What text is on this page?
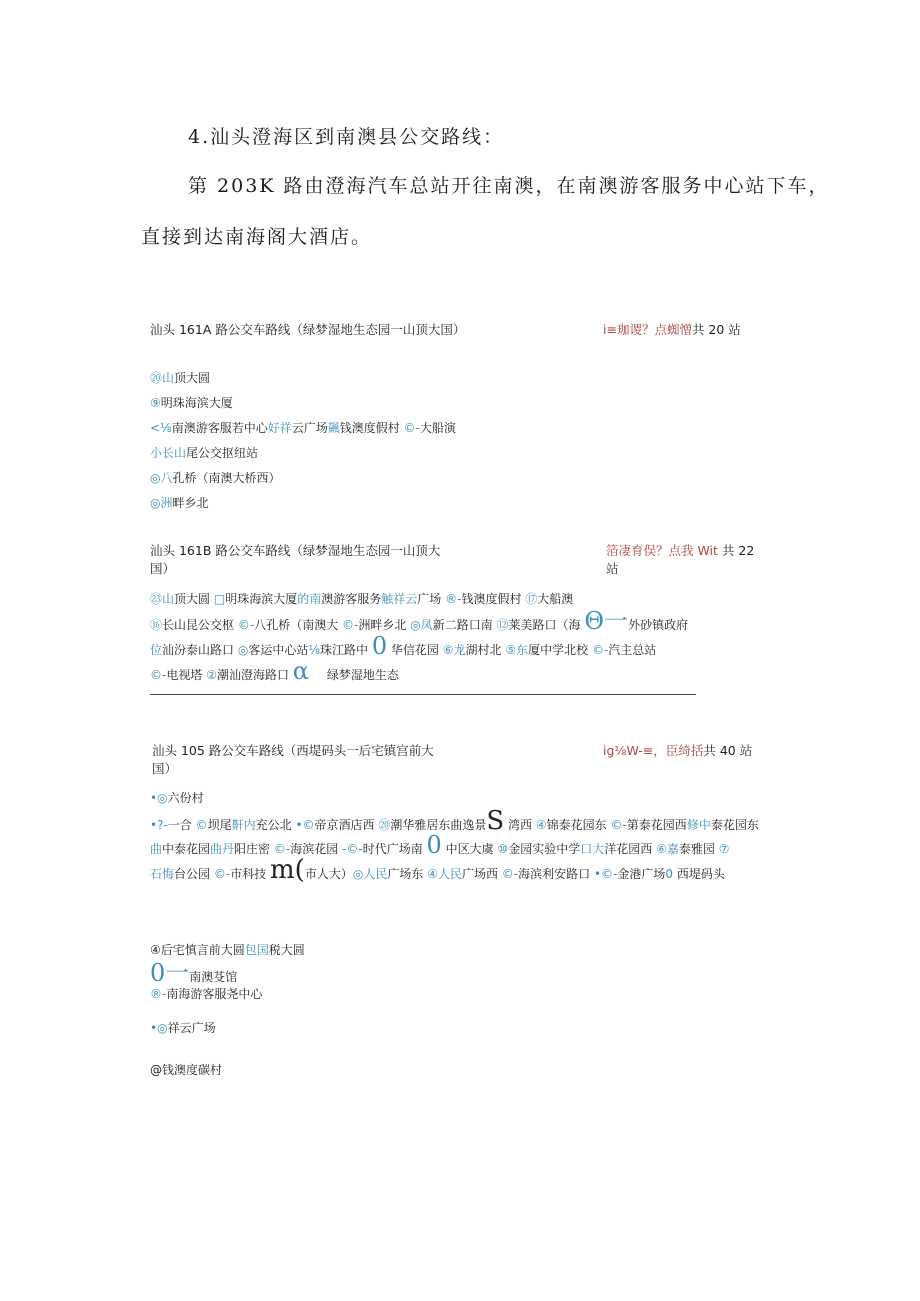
4.汕头澄海区到南澳县公交路线：
第 203K 路由澄海汽车总站开往南澳，在南澳游客服务中心站下车，
直接到达南海阁大酒店。
汕头 161A 路公交车路线（绿梦湿地生态园一山顶大国）	i≡珈谡？点蜘憎共 20 站
⑳山顶大圆
⑨明珠海滨大厦
<⅛南澳游客服若中心好祥云广场飆钱澳度假村 ©-大船演
小长山尾公交抠纽站
◎八孔桥（南澳大桥西）
◎洲畔乡北
汕头 161B 路公交车路线（绿梦湿地生态园一山顶大
国）
箔凄育俣？点我 Wit 共 22
站
㉓山顶大圆 □明珠海滨大厦的南澳游客服务触祥云广场 ®-钱澳度假村 ⑰大船澳
⑯长山昆公交枢 ©-八孔桥（南澳大 ©-洲畔乡北 ◎凤新二路口南 ⑫莱美路口（海 Θ一外砂镇政府
位汕汾泰山路口 ◎客运中心站⅛珠江路中 0 华信花园 ⑥龙湖村北 ⑤东厦中学北校 ©-汽主总站
©-电视塔 ②潮汕澄海路口 α 绿梦湿地生态
汕头 105 路公交车路线（西堤码头一后宅镇宫前大
国）
ig⅛W-≡，臣绮括共 40 站
•◎六份村
•?-一合 ©坝尾鼾内充公北 •©帝京酒店西 ⑳潮华雅居东曲逸景S 湾西 ④锦泰花园东 ©-第泰花园西修中泰花园东
曲中泰花园曲丹阳庄密 ©-海滨花园 -©-时代广场南 0 中区大虞 ⑩金园实验中学口大洋花园西 ⑥嘉泰雅园 ⑦
石悔台公园 ©-市科技 m(市人大）◎人民广场东 ④人民广场西 ©-海滨利安路口 •©-金港广场0 西堤码头
④后宅慎言前大圆包国税大圆
0一南澳芟馆
®-南海游客服尧中心
•◎祥云广场
@钱澳度碳村
